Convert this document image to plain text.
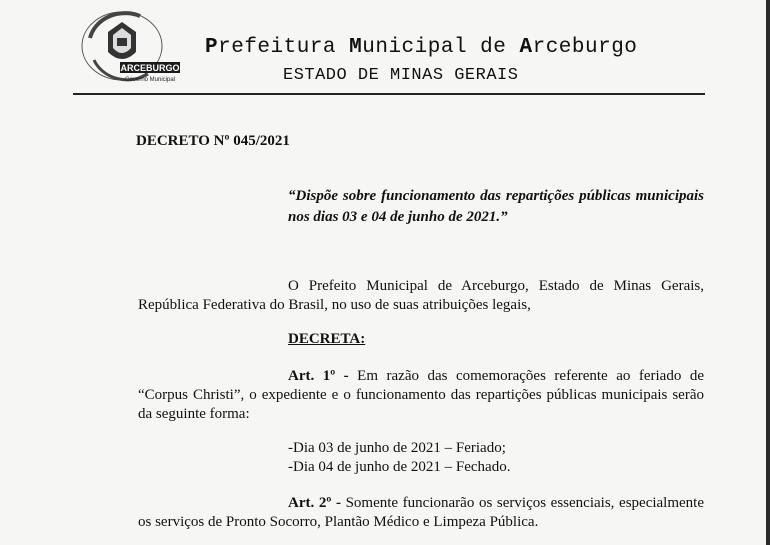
ARCEBURGO
Governo Municipal
Prefeitura Municipal de Arceburgo
ESTADO DE MINAS GERAIS
DECRETO Nº 045/2021
“Dispõe sobre funcionamento das repartições públicas municipais nos dias 03 e 04 de junho de 2021.”
O Prefeito Municipal de Arceburgo, Estado de Minas Gerais, República Federativa do Brasil, no uso de suas atribuições legais,
DECRETA:
Art. 1º - Em razão das comemorações referente ao feriado de “Corpus Christi”, o expediente e o funcionamento das repartições públicas municipais serão da seguinte forma:
-Dia 03 de junho de 2021 – Feriado;
-Dia 04 de junho de 2021 – Fechado.
Art. 2º - Somente funcionarão os serviços essenciais, especialmente os serviços de Pronto Socorro, Plantão Médico e Limpeza Pública.
